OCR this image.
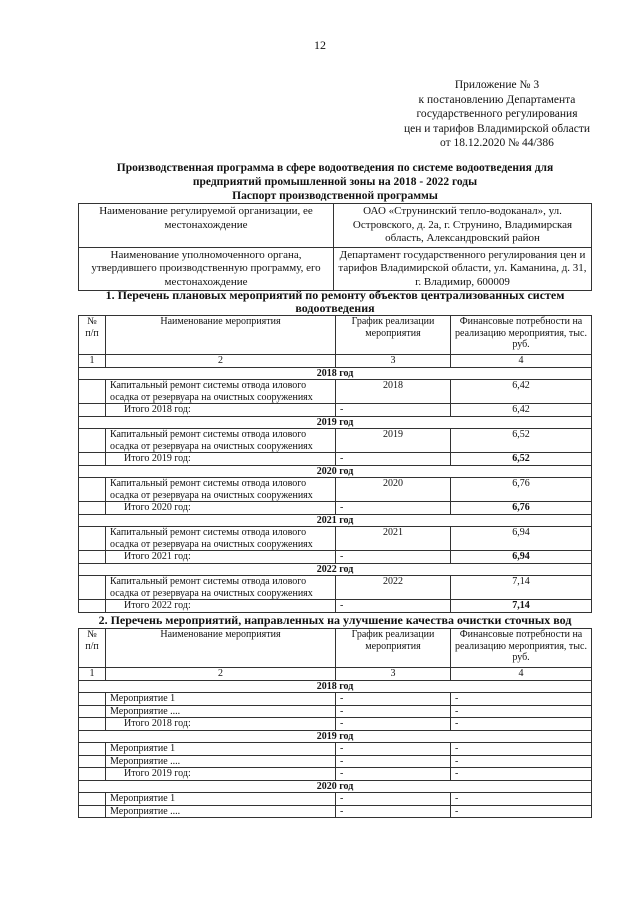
12
Приложение № 3
к постановлению Департамента
государственного регулирования
цен и тарифов Владимирской области
от 18.12.2020 № 44/386
Производственная программа в сфере водоотведения по системе водоотведения для
предприятий промышленной зоны на 2018 - 2022 годы
Паспорт производственной программы
Наименование регулируемой организации, ее местонахождение	ОАО «Струнинский тепло-водоканал», ул. Островского, д. 2а, г. Струнино, Владимирская область, Александровский район
Наименование уполномоченного органа, утвердившего производственную программу, его местонахождение	Департамент государственного регулирования цен и тарифов Владимирской области, ул. Каманина, д. 31, г. Владимир, 600009
1. Перечень плановых мероприятий по ремонту объектов централизованных систем водоотведения
№ п/п	Наименование мероприятия	График реализации мероприятия	Финансовые потребности на реализацию мероприятия, тыс. руб.
1	2	3	4
2018 год			
	Капитальный ремонт системы отвода илового осадка от резервуара на очистных сооружениях	2018	6,42
	Итого 2018 год:	-	6,42
2019 год			
	Капитальный ремонт системы отвода илового осадка от резервуара на очистных сооружениях	2019	6,52
	Итого 2019 год:	-	6,52
2020 год			
	Капитальный ремонт системы отвода илового осадка от резервуара на очистных сооружениях	2020	6,76
	Итого 2020 год:	-	6,76
2021 год			
	Капитальный ремонт системы отвода илового осадка от резервуара на очистных сооружениях	2021	6,94
	Итого 2021 год:	-	6,94
2022 год			
	Капитальный ремонт системы отвода илового осадка от резервуара на очистных сооружениях	2022	7,14
	Итого 2022 год:	-	7,14
2. Перечень мероприятий, направленных на улучшение качества очистки сточных вод
№ п/п	Наименование мероприятия	График реализации мероприятия	Финансовые потребности на реализацию мероприятия, тыс. руб.
1	2	3	4
2018 год			
	Мероприятие 1	-	-
	Мероприятие ....	-	-
	Итого 2018 год:	-	-
2019 год			
	Мероприятие 1	-	-
	Мероприятие ....	-	-
	Итого 2019 год:	-	-
2020 год			
	Мероприятие 1	-	-
	Мероприятие ....	-	-
